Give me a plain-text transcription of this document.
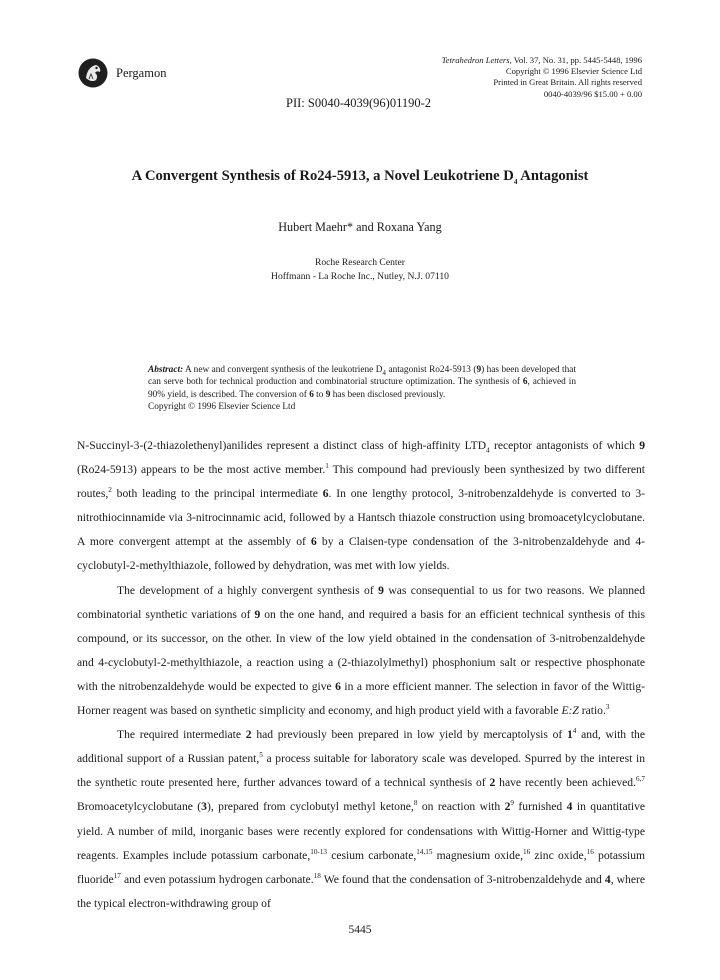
Pergamon
PII: S0040-4039(96)01190-2
Tetrahedron Letters, Vol. 37, No. 31, pp. 5445-5448, 1996
Copyright © 1996 Elsevier Science Ltd
Printed in Great Britain. All rights reserved
0040-4039/96 $15.00 + 0.00
A Convergent Synthesis of Ro24-5913, a Novel Leukotriene $D_4$ Antagonist
Hubert Maehr* and Roxana Yang
Roche Research Center
Hoffmann - La Roche Inc., Nutley, N.J. 07110
Abstract: A new and convergent synthesis of the leukotriene $D_4$ antagonist Ro24-5913 (9) has been developed that can serve both for technical production and combinatorial structure optimization. The synthesis of 6, achieved in 90% yield, is described. The conversion of 6 to 9 has been disclosed previously.
Copyright © 1996 Elsevier Science Ltd

N-Succinyl-3-(2-thiazolethenyl)anilides represent a distinct class of high-affinity $LTD_4$ receptor antagonists of which 9 (Ro24-5913) appears to be the most active member.$^1$ This compound had previously been synthesized by two different routes,$^2$ both leading to the principal intermediate 6. In one lengthy protocol, 3-nitrobenzaldehyde is converted to 3-nitrothiocinnamide via 3-nitrocinnamic acid, followed by a Hantsch thiazole construction using bromoacetylcyclobutane. A more convergent attempt at the assembly of 6 by a Claisen-type condensation of the 3-nitrobenzaldehyde and 4-cyclobutyl-2-methylthiazole, followed by dehydration, was met with low yields.

The development of a highly convergent synthesis of 9 was consequential to us for two reasons. We planned combinatorial synthetic variations of 9 on the one hand, and required a basis for an efficient technical synthesis of this compound, or its successor, on the other. In view of the low yield obtained in the condensation of 3-nitrobenzaldehyde and 4-cyclobutyl-2-methylthiazole, a reaction using a (2-thiazolylmethyl) phosphonium salt or respective phosphonate with the nitrobenzaldehyde would be expected to give 6 in a more efficient manner. The selection in favor of the Wittig-Horner reagent was based on synthetic simplicity and economy, and high product yield with a favorable E:Z ratio.$^3$

The required intermediate 2 had previously been prepared in low yield by mercaptolysis of $1^4$ and, with the additional support of a Russian patent,$^5$ a process suitable for laboratory scale was developed. Spurred by the interest in the synthetic route presented here, further advances toward of a technical synthesis of 2 have recently been achieved.$^{6,7}$ Bromoacetylcyclobutane (3), prepared from cyclobutyl methyl ketone,$^8$ on reaction with $2^9$ furnished 4 in quantitative yield. A number of mild, inorganic bases were recently explored for condensations with Wittig-Horner and Wittig-type reagents. Examples include potassium carbonate,$^{10-13}$ cesium carbonate,$^{14,15}$ magnesium oxide,$^{16}$ zinc oxide,$^{16}$ potassium fluoride$^{17}$ and even potassium hydrogen carbonate.$^{18}$ We found that the condensation of 3-nitrobenzaldehyde and 4, where the typical electron-withdrawing group of

5445
